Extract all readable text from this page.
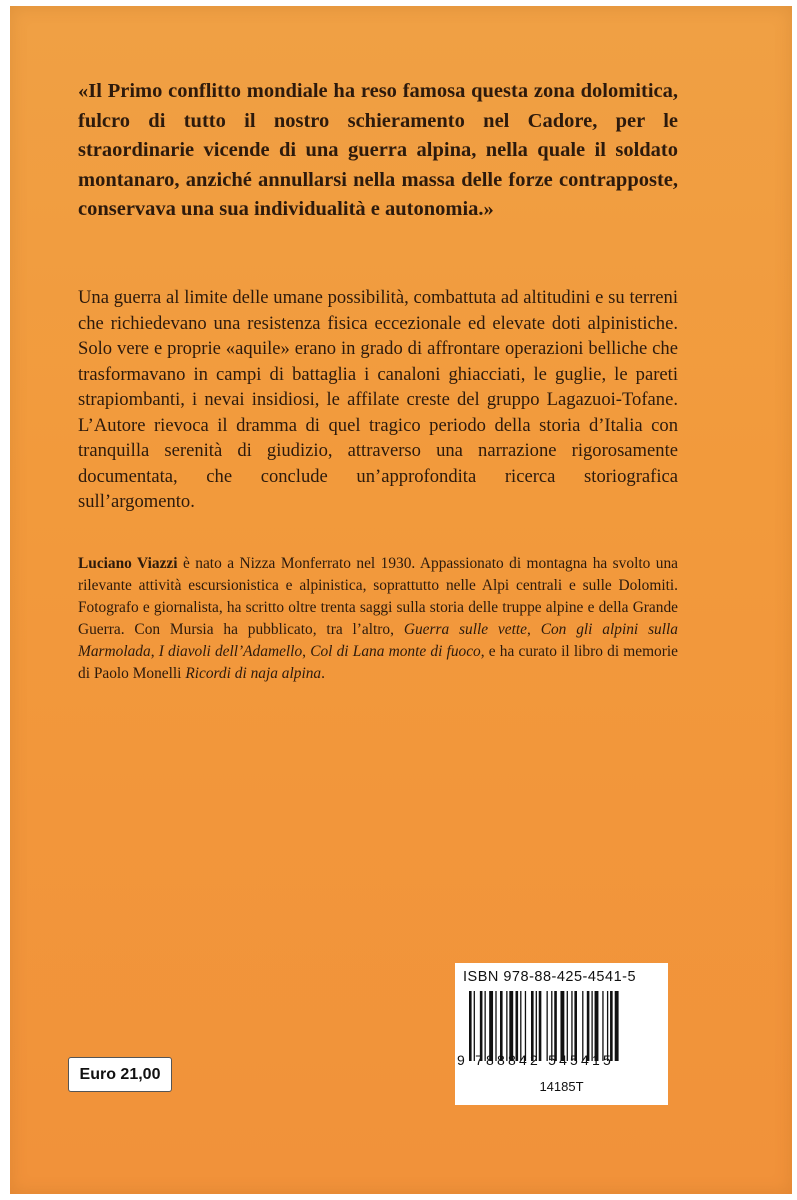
«Il Primo conflitto mondiale ha reso famosa questa zona dolomitica, fulcro di tutto il nostro schieramento nel Cadore, per le straordinarie vicende di una guerra alpina, nella quale il soldato montanaro, anziché annullarsi nella massa delle forze contrapposte, conservava una sua individualità e autonomia.»

Una guerra al limite delle umane possibilità, combattuta ad altitudini e su terreni che richiedevano una resistenza fisica eccezionale ed elevate doti alpinistiche. Solo vere e proprie «aquile» erano in grado di affrontare operazioni belliche che trasformavano in campi di battaglia i canaloni ghiacciati, le guglie, le pareti strapiombanti, i nevai insidiosi, le affilate creste del gruppo Lagazuoi-Tofane. L’Autore rievoca il dramma di quel tragico periodo della storia d’Italia con tranquilla serenità di giudizio, attraverso una narrazione rigorosamente documentata, che conclude un’approfondita ricerca storiografica sull’argomento.

Luciano Viazzi è nato a Nizza Monferrato nel 1930. Appassionato di montagna ha svolto una rilevante attività escursionistica e alpinistica, soprattutto nelle Alpi centrali e sulle Dolomiti. Fotografo e giornalista, ha scritto oltre trenta saggi sulla storia delle truppe alpine e della Grande Guerra. Con Mursia ha pubblicato, tra l’altro, Guerra sulle vette, Con gli alpini sulla Marmolada, I diavoli dell’Adamello, Col di Lana monte di fuoco, e ha curato il libro di memorie di Paolo Monelli Ricordi di naja alpina.

Euro 21,00
ISBN 978-88-425-4541-5
9 788842 545415
14185T
